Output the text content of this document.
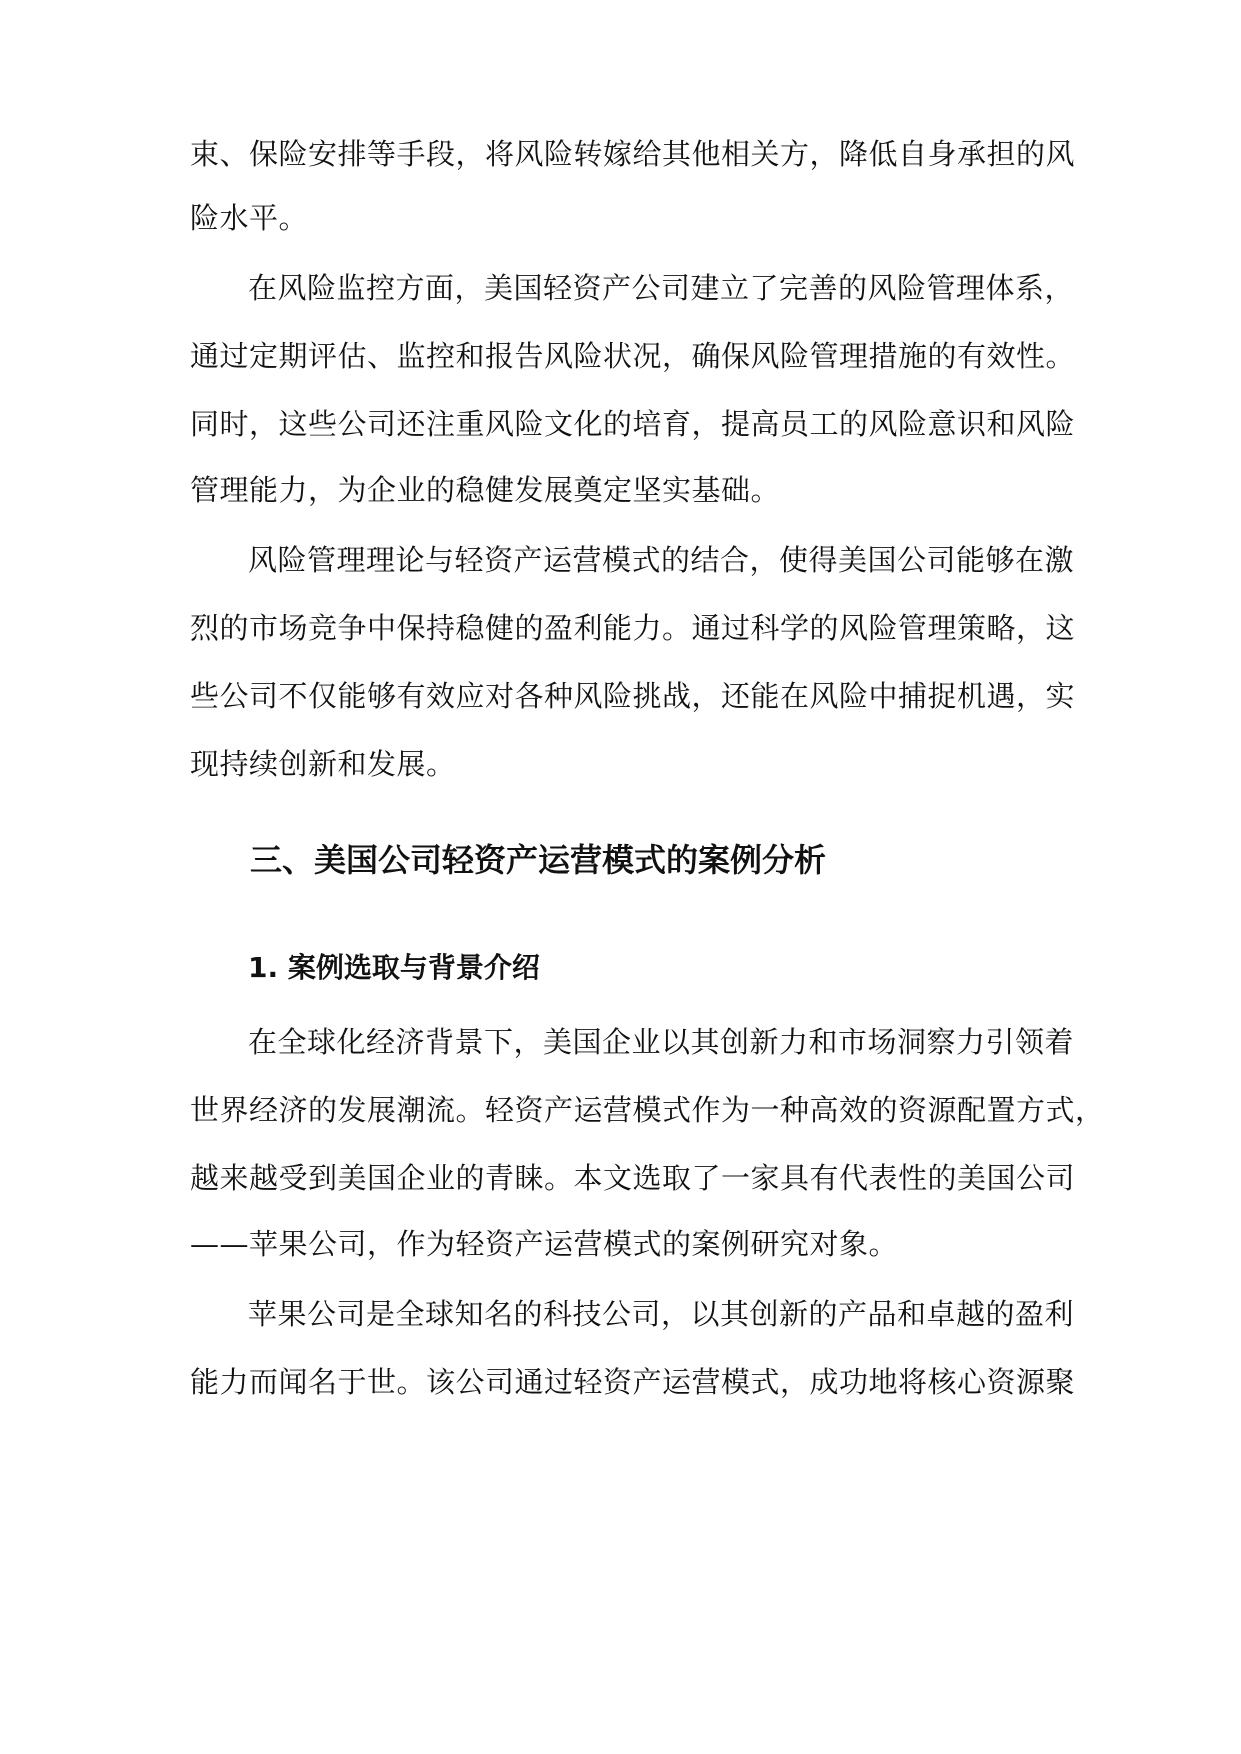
束、保险安排等手段，将风险转嫁给其他相关方，降低自身承担的风
险水平。
在风险监控方面，美国轻资产公司建立了完善的风险管理体系，
通过定期评估、监控和报告风险状况，确保风险管理措施的有效性。
同时，这些公司还注重风险文化的培育，提高员工的风险意识和风险
管理能力，为企业的稳健发展奠定坚实基础。
风险管理理论与轻资产运营模式的结合，使得美国公司能够在激
烈的市场竞争中保持稳健的盈利能力。通过科学的风险管理策略，这
些公司不仅能够有效应对各种风险挑战，还能在风险中捕捉机遇，实
现持续创新和发展。
三、美国公司轻资产运营模式的案例分析
1. 案例选取与背景介绍
在全球化经济背景下，美国企业以其创新力和市场洞察力引领着
世界经济的发展潮流。轻资产运营模式作为一种高效的资源配置方式，
越来越受到美国企业的青睐。本文选取了一家具有代表性的美国公司
——苹果公司，作为轻资产运营模式的案例研究对象。
苹果公司是全球知名的科技公司，以其创新的产品和卓越的盈利
能力而闻名于世。该公司通过轻资产运营模式，成功地将核心资源聚
